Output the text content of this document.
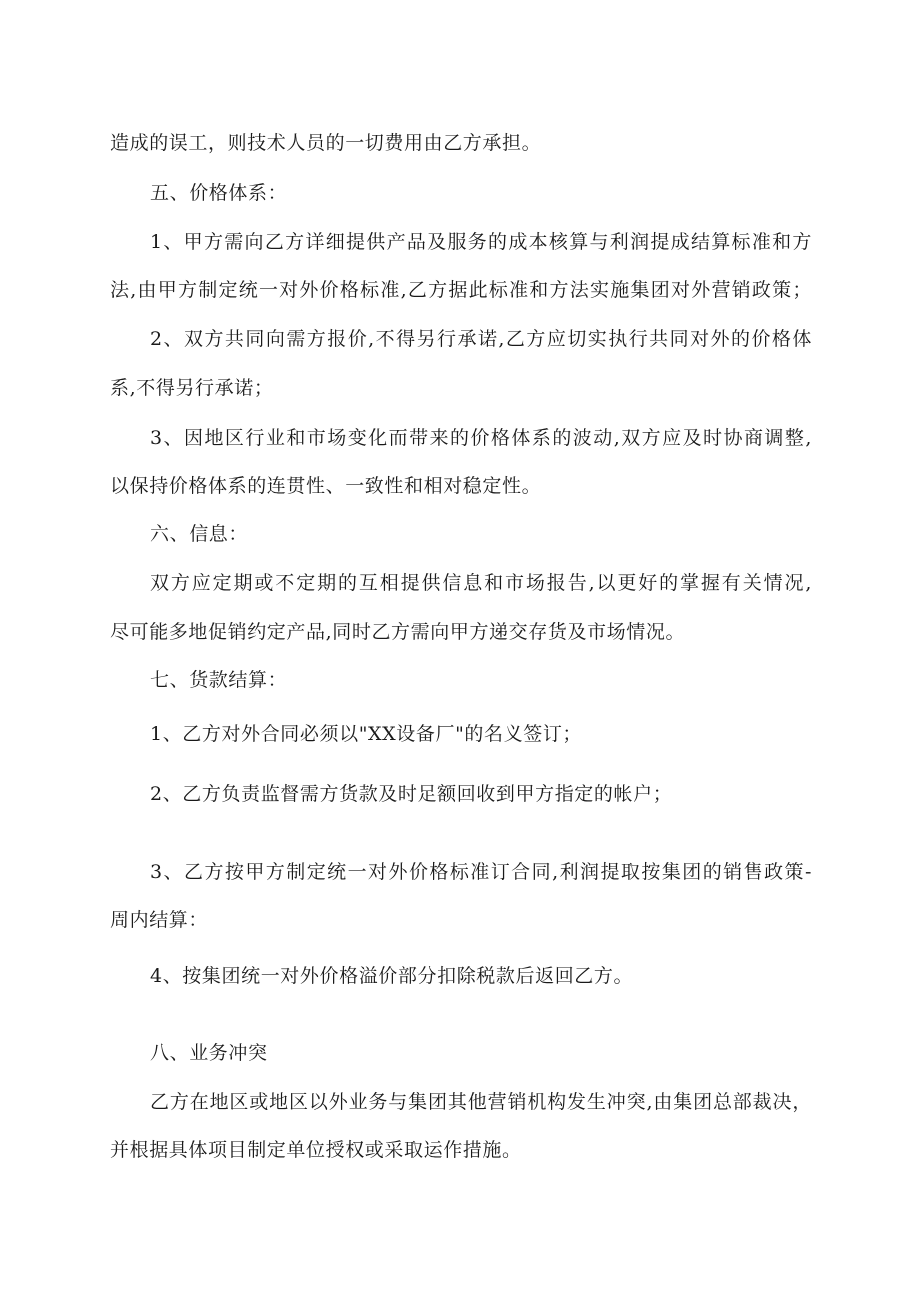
造成的误工，则技术人员的一切费用由乙方承担。
五、价格体系：
1、甲方需向乙方详细提供产品及服务的成本核算与利润提成结算标准和方
法,由甲方制定统一对外价格标准,乙方据此标准和方法实施集团对外营销政策；
2、双方共同向需方报价,不得另行承诺,乙方应切实执行共同对外的价格体
系,不得另行承诺；
3、因地区行业和市场变化而带来的价格体系的波动,双方应及时协商调整,
以保持价格体系的连贯性、一致性和相对稳定性。
六、信息：
双方应定期或不定期的互相提供信息和市场报告,以更好的掌握有关情况,
尽可能多地促销约定产品,同时乙方需向甲方递交存货及市场情况。
七、货款结算：
1、乙方对外合同必须以"XX设备厂"的名义签订；
2、乙方负责监督需方货款及时足额回收到甲方指定的帐户；
3、乙方按甲方制定统一对外价格标准订合同,利润提取按集团的销售政策-
周内结算：
4、按集团统一对外价格溢价部分扣除税款后返回乙方。
八、业务冲突
乙方在地区或地区以外业务与集团其他营销机构发生冲突,由集团总部裁决，
并根据具体项目制定单位授权或采取运作措施。
